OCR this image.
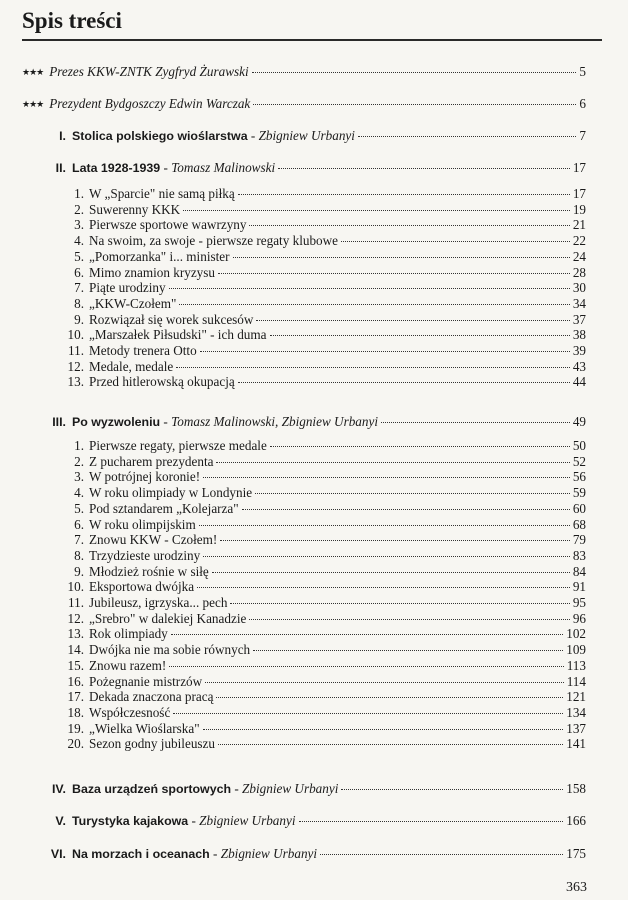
Spis treści
★★★ Prezes KKW-ZNTK Zygfryd Żurawski	5
★★★ Prezydent Bydgoszczy Edwin Warczak	6
I. Stolica polskiego wioślarstwa - Zbigniew Urbanyi	7
II. Lata 1928-1939 - Tomasz Malinowski	17
1. W „Sparcie" nie samą piłką	17
2. Suwerenny KKK	19
3. Pierwsze sportowe wawrzyny	21
4. Na swoim, za swoje - pierwsze regaty klubowe	22
5. „Pomorzanka" i... minister	24
6. Mimo znamion kryzysu	28
7. Piąte urodziny	30
8. „KKW-Czołem"	34
9. Rozwiązał się worek sukcesów	37
10. „Marszałek Piłsudski" - ich duma	38
11. Metody trenera Otto	39
12. Medale, medale	43
13. Przed hitlerowską okupacją	44
III. Po wyzwoleniu - Tomasz Malinowski, Zbigniew Urbanyi	49
1. Pierwsze regaty, pierwsze medale	50
2. Z pucharem prezydenta	52
3. W potrójnej koronie!	56
4. W roku olimpiady w Londynie	59
5. Pod sztandarem „Kolejarza"	60
6. W roku olimpijskim	68
7. Znowu KKW - Czołem!	79
8. Trzydzieste urodziny	83
9. Młodzież rośnie w siłę	84
10. Eksportowa dwójka	91
11. Jubileusz, igrzyska... pech	95
12. „Srebro" w dalekiej Kanadzie	96
13. Rok olimpiady	102
14. Dwójka nie ma sobie równych	109
15. Znowu razem!	113
16. Pożegnanie mistrzów	114
17. Dekada znaczona pracą	121
18. Współczesność	134
19. „Wielka Wioślarska"	137
20. Sezon godny jubileuszu	141
IV. Baza urządzeń sportowych - Zbigniew Urbanyi	158
V. Turystyka kajakowa - Zbigniew Urbanyi	166
VI. Na morzach i oceanach - Zbigniew Urbanyi	175
363
